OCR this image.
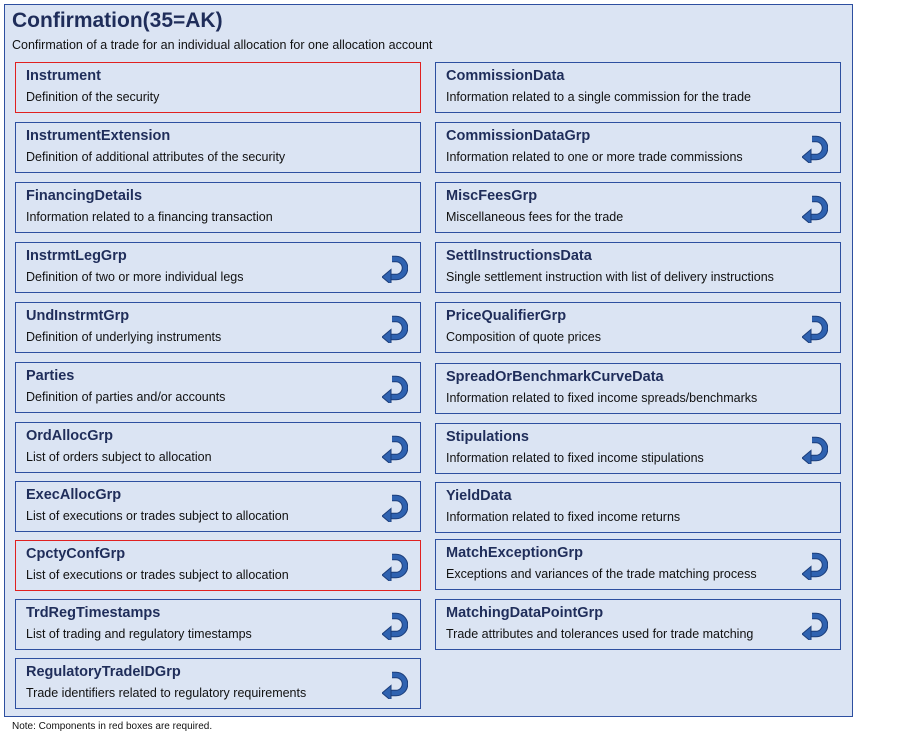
Confirmation(35=AK)
Confirmation of a trade for an individual allocation for one allocation account
Instrument
Definition of the security
InstrumentExtension
Definition of additional attributes of the security
FinancingDetails
Information related to a financing transaction
InstrmtLegGrp
Definition of two or more individual legs
UndInstrmtGrp
Definition of underlying instruments
Parties
Definition of parties and/or accounts
OrdAllocGrp
List of orders subject to allocation
ExecAllocGrp
List of executions or trades subject to allocation
CpctyConfGrp
List of executions or trades subject to allocation
TrdRegTimestamps
List of trading and regulatory timestamps
RegulatoryTradeIDGrp
Trade identifiers related to regulatory requirements
CommissionData
Information related to a single commission for the trade
CommissionDataGrp
Information related to one or more trade commissions
MiscFeesGrp
Miscellaneous fees for the trade
SettlInstructionsData
Single settlement instruction with list of delivery instructions
PriceQualifierGrp
Composition of quote prices
SpreadOrBenchmarkCurveData
Information related to fixed income spreads/benchmarks
Stipulations
Information related to fixed income stipulations
YieldData
Information related to fixed income returns
MatchExceptionGrp
Exceptions and variances of the trade matching process
MatchingDataPointGrp
Trade attributes and tolerances used for trade matching
Note: Components in red boxes are required.
